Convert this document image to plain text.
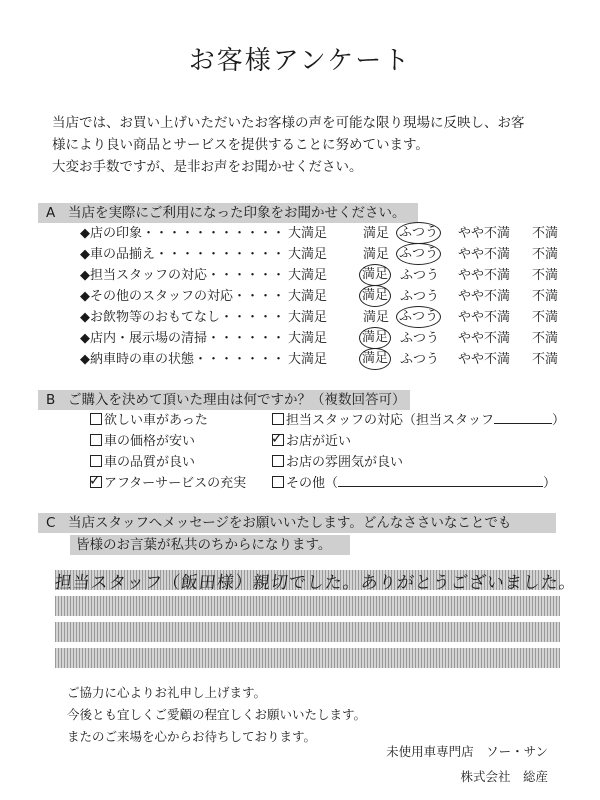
お客様アンケート
当店では、お買い上げいただいたお客様の声を可能な限り現場に反映し、お客
様により良い商品とサービスを提供することに努めています。
大変お手数ですが、是非お声をお聞かせください。
A 当店を実際にご利用になった印象をお聞かせください。
◆店の印象・・・・・・・・・・・ 大満足	満足 ふつう やや不満 不満
◆車の品揃え・・・・・・・・・・ 大満足	満足 ふつう やや不満 不満
◆担当スタッフの対応・・・・・・ 大満足	満足 ふつう やや不満 不満
◆その他のスタッフの対応・・・・ 大満足	満足 ふつう やや不満 不満
◆お飲物等のおもてなし・・・・・ 大満足	満足 ふつう やや不満 不満
◆店内・展示場の清掃・・・・・・ 大満足	満足 ふつう やや不満 不満
◆納車時の車の状態・・・・・・・ 大満足	満足 ふつう やや不満 不満
B ご購入を決めて頂いた理由は何ですか？（複数回答可）
欲しい車があった
車の価格が安い
車の品質が良い
✓アフターサービスの充実
担当スタッフの対応（担当スタッフ	）
✓お店が近い
お店の雰囲気が良い
その他（	）
C 当店スタッフへメッセージをお願いいたします。どんなささいなことでも
皆様のお言葉が私共のちからになります。
担当スタッフ（飯田様）親切でした。ありがとうございました。
ご協力に心よりお礼申し上げます。
今後とも宜しくご愛顧の程宜しくお願いいたします。
またのご来場を心からお待ちしております。
未使用車専門店　ソー・サン
株式会社　総産
